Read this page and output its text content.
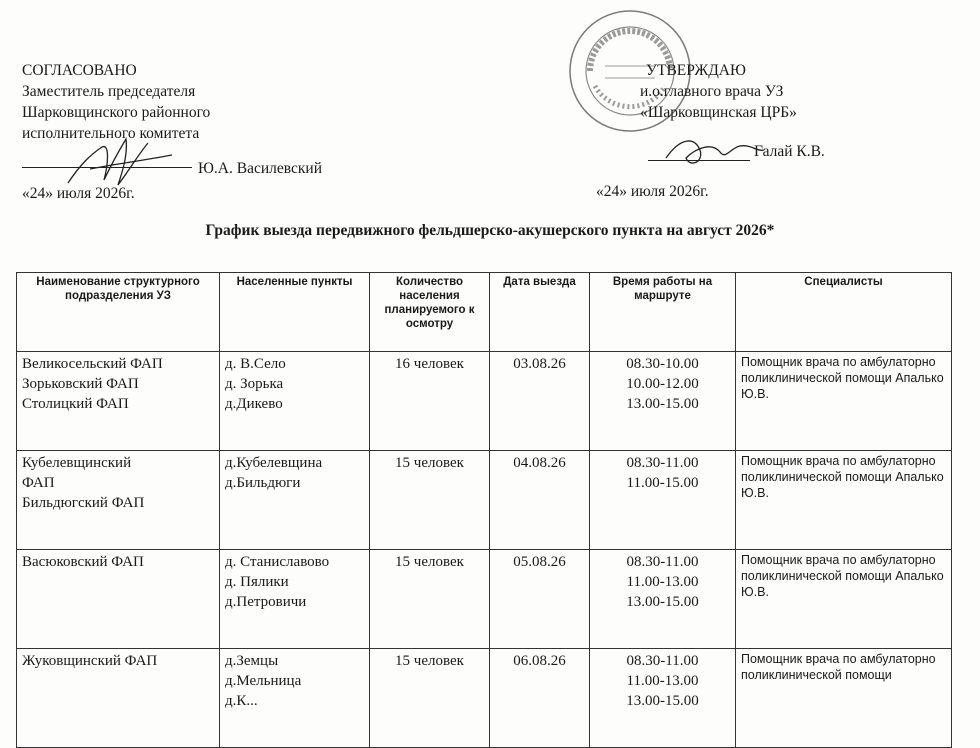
СОГЛАСОВАНО
Заместитель председателя
Шарковщинского районного
исполнительного комитета
Ю.А. Василевский
«24» июля 2026г.
УТВЕРЖДАЮ
и.о.главного врача УЗ
«Шарковщинская ЦРБ»
Галай К.В.
«24» июля 2026г.
График выезда передвижного фельдшерско-акушерского пункта на август 2026*
Наименование структурного подразделения УЗ	Населенные пункты	Количество населения планируемого к осмотру	Дата выезда	Время работы на маршруте	Специалисты

Великосельский ФАП
Зорьковский ФАП
Столицкий ФАП	д. В.Село
д. Зорька
д.Дикево	16 человек	03.08.26	08.30-10.00
10.00-12.00
13.00-15.00	Помощник врача по амбулаторно поликлинической помощи Апалько Ю.В.

Кубелевщинский
ФАП
Бильдюгский ФАП	д.Кубелевщина
д.Бильдюги	15 человек	04.08.26	08.30-11.00
11.00-15.00	Помощник врача по амбулаторно поликлинической помощи Апалько Ю.В.

Васюковский ФАП	д. Станиславово
д. Пялики
д.Петровичи	15 человек	05.08.26	08.30-11.00
11.00-13.00
13.00-15.00	Помощник врача по амбулаторно поликлинической помощи Апалько Ю.В.

Жуковщинский ФАП	д.Земцы
д.Мельница
д.К...	15 человек	06.08.26	08.30-11.00
11.00-13.00
13.00-15.00	Помощник врача по амбулаторно поликлинической помощи
